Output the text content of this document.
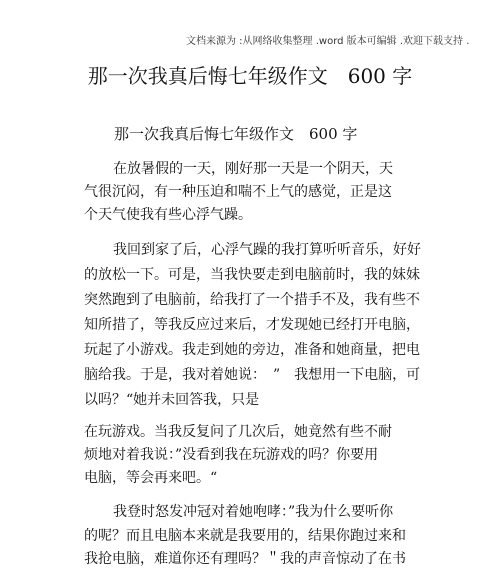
文档来源为 :从网络收集整理 .word 版本可编辑 .欢迎下载支持 .
那一次我真后悔七年级作文　600 字
那一次我真后悔七年级作文　600 字
在放暑假的一天，刚好那一天是一个阴天，天
气很沉闷，有一种压迫和喘不上气的感觉，正是这
个天气使我有些心浮气躁。
我回到家了后，心浮气躁的我打算听听音乐，好好
的放松一下。可是，当我快要走到电脑前时，我的妹妹
突然跑到了电脑前，给我打了一个措手不及，我有些不
知所措了，等我反应过来后，才发现她已经打开电脑，
玩起了小游戏。我走到她的旁边，准备和她商量，把电
脑给我。于是，我对着她说：　”　我想用一下电脑，可
以吗？“她并未回答我，只是
在玩游戏。当我反复问了几次后，她竟然有些不耐
烦地对着我说：”没看到我在玩游戏的吗？你要用
电脑，等会再来吧。“
我登时怒发冲冠对着她咆哮：”我为什么要听你
的呢？而且电脑本来就是我要用的，结果你跑过来和
我抢电脑，难道你还有理吗？＂我的声音惊动了在书
